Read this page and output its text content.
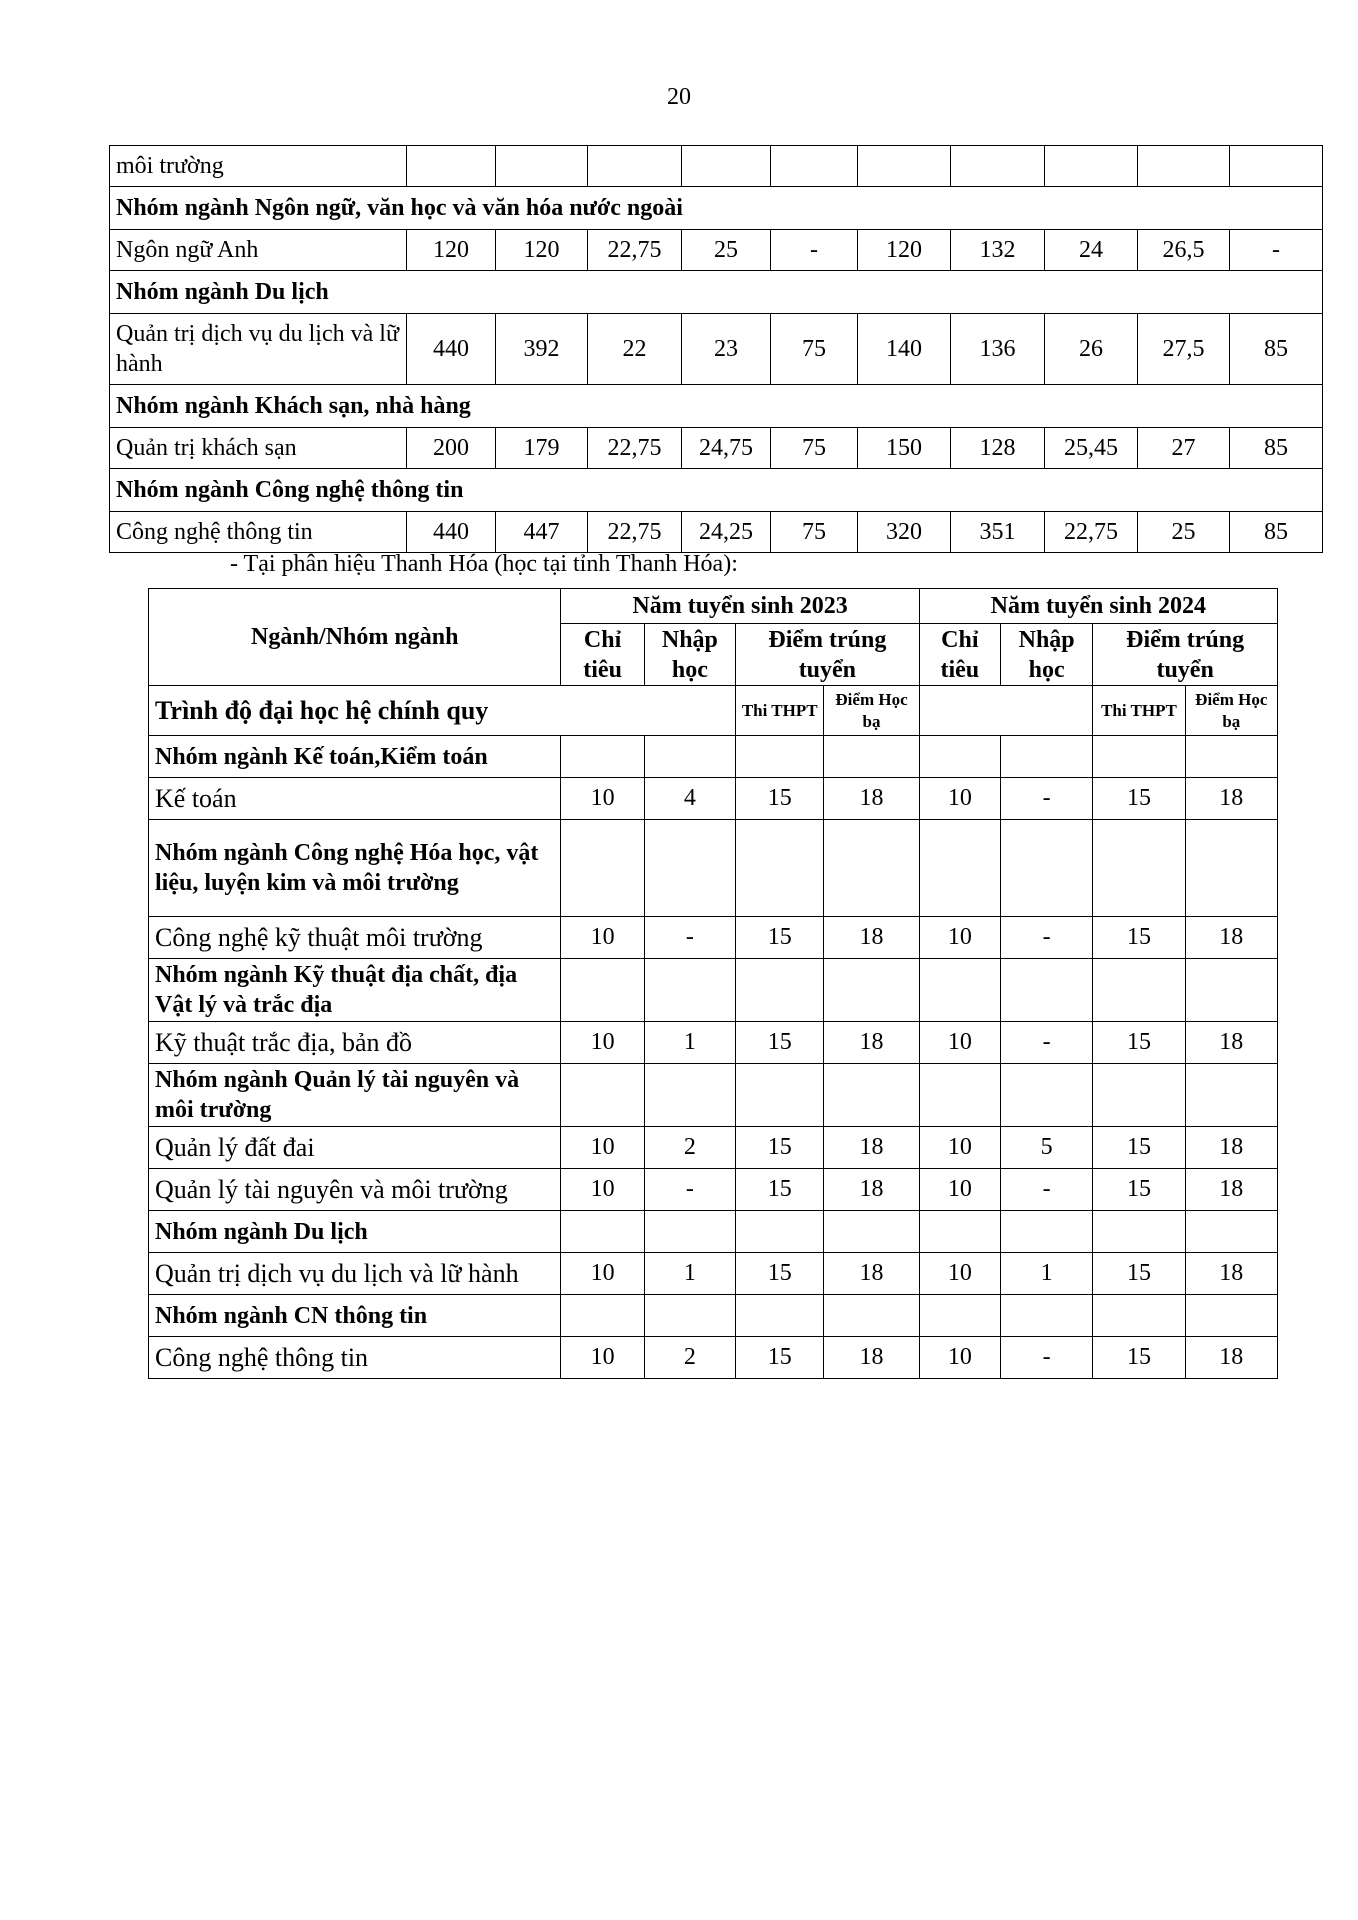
20
môi trường										
Nhóm ngành Ngôn ngữ, văn học và văn hóa nước ngoài										
Ngôn ngữ Anh	120	120	22,75	25	-	120	132	24	26,5	-
Nhóm ngành Du lịch										
Quản trị dịch vụ du lịch và lữ hành	440	392	22	23	75	140	136	26	27,5	85
Nhóm ngành Khách sạn, nhà hàng										
Quản trị khách sạn	200	179	22,75	24,75	75	150	128	25,45	27	85
Nhóm ngành Công nghệ thông tin										
Công nghệ thông tin	440	447	22,75	24,25	75	320	351	22,75	25	85
- Tại phân hiệu Thanh Hóa (học tại tỉnh Thanh Hóa):
Ngành/Nhóm ngành	Năm tuyển sinh 2023				Năm tuyển sinh 2024			
	Chỉ tiêu	Nhập học	Điểm trúng tuyển		Chỉ tiêu	Nhập học	Điểm trúng tuyển	
Trình độ đại học hệ chính quy			Thi THPT	Điểm Học bạ			Thi THPT	Điểm Học bạ
Nhóm ngành Kế toán,Kiểm toán								
Kế toán	10	4	15	18	10	-	15	18
Nhóm ngành Công nghệ Hóa học, vật liệu, luyện kim và môi trường								
Công nghệ kỹ thuật môi trường	10	-	15	18	10	-	15	18
Nhóm ngành Kỹ thuật địa chất, địa Vật lý và trắc địa								
Kỹ thuật trắc địa, bản đồ	10	1	15	18	10	-	15	18
Nhóm ngành Quản lý tài nguyên và môi trường								
Quản lý đất đai	10	2	15	18	10	5	15	18
Quản lý tài nguyên và môi trường	10	-	15	18	10	-	15	18
Nhóm ngành Du lịch								
Quản trị dịch vụ du lịch và lữ hành	10	1	15	18	10	1	15	18
Nhóm ngành CN thông tin								
Công nghệ thông tin	10	2	15	18	10	-	15	18
